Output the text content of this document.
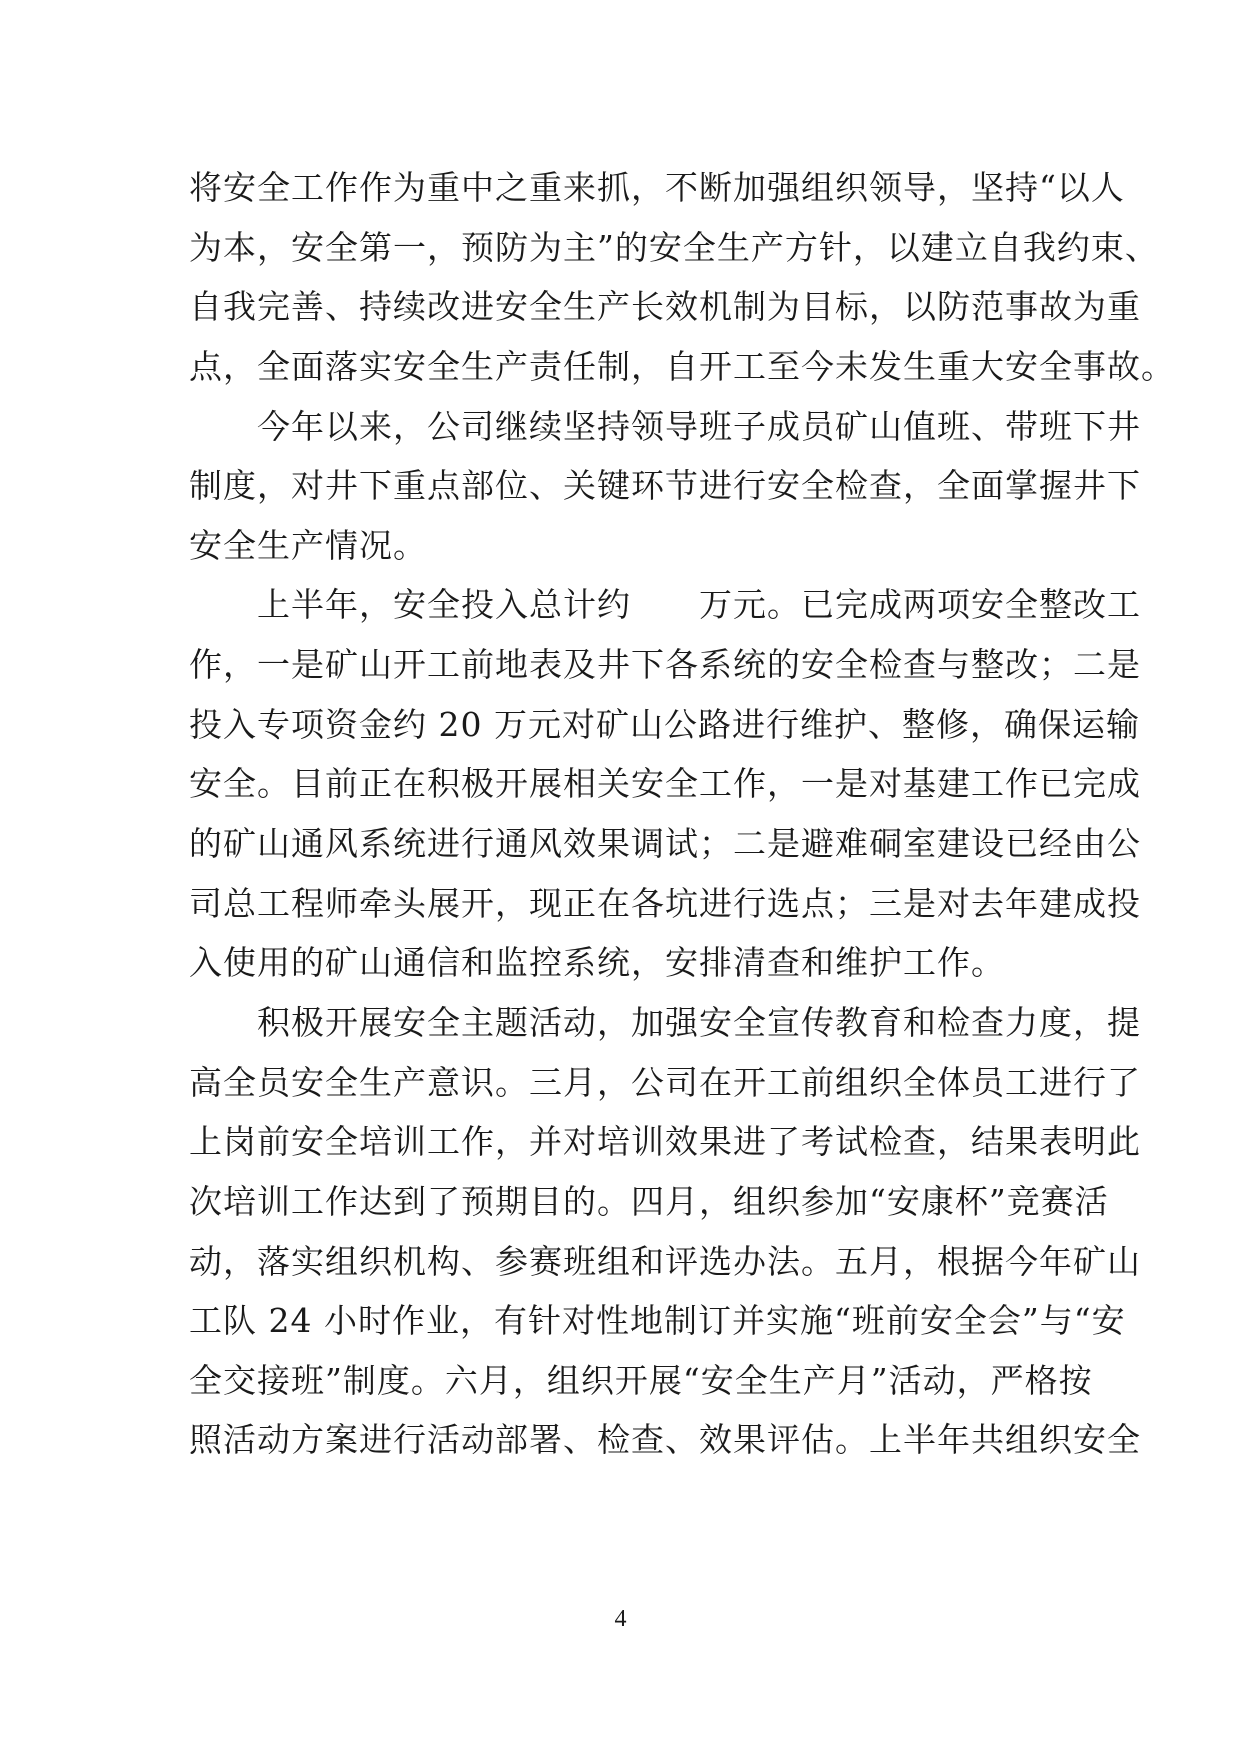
将安全工作作为重中之重来抓，不断加强组织领导，坚持“以人
为本，安全第一，预防为主”的安全生产方针，以建立自我约束、
自我完善、持续改进安全生产长效机制为目标，以防范事故为重
点，全面落实安全生产责任制，自开工至今未发生重大安全事故。
今年以来，公司继续坚持领导班子成员矿山值班、带班下井
制度，对井下重点部位、关键环节进行安全检查，全面掌握井下
安全生产情况。
上半年，安全投入总计约　　万元。已完成两项安全整改工
作，一是矿山开工前地表及井下各系统的安全检查与整改；二是
投入专项资金约 20 万元对矿山公路进行维护、整修，确保运输
安全。目前正在积极开展相关安全工作，一是对基建工作已完成
的矿山通风系统进行通风效果调试；二是避难硐室建设已经由公
司总工程师牵头展开，现正在各坑进行选点；三是对去年建成投
入使用的矿山通信和监控系统，安排清查和维护工作。
积极开展安全主题活动，加强安全宣传教育和检查力度，提
高全员安全生产意识。三月，公司在开工前组织全体员工进行了
上岗前安全培训工作，并对培训效果进了考试检查，结果表明此
次培训工作达到了预期目的。四月，组织参加“安康杯”竞赛活
动，落实组织机构、参赛班组和评选办法。五月，根据今年矿山
工队 24 小时作业，有针对性地制订并实施“班前安全会”与“安
全交接班”制度。六月，组织开展“安全生产月”活动，严格按
照活动方案进行活动部署、检查、效果评估。上半年共组织安全
4
